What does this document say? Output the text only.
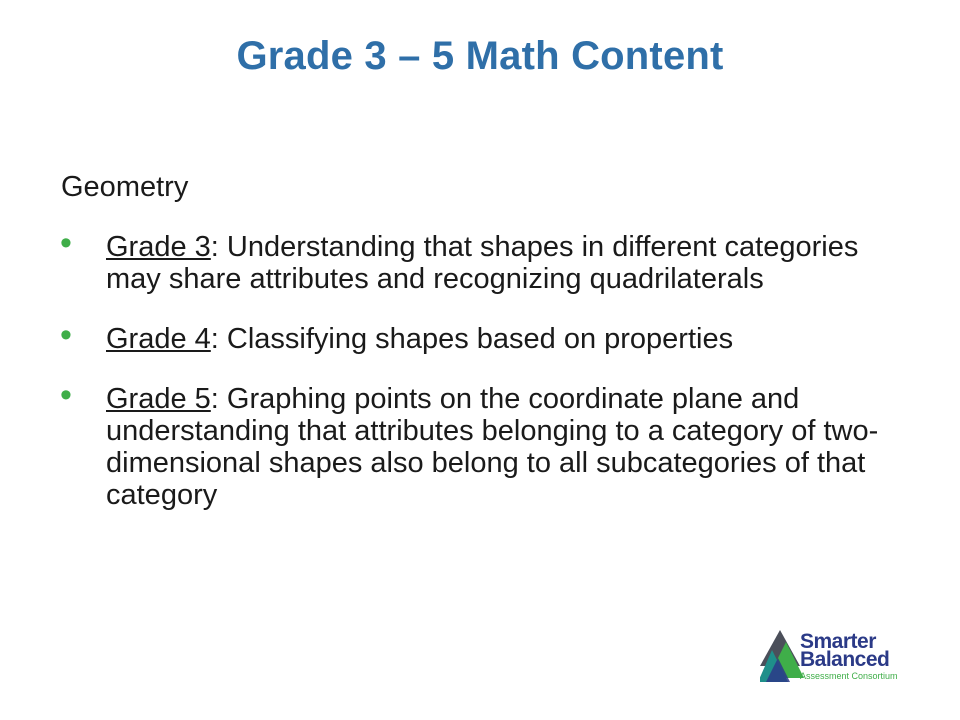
Grade 3 – 5 Math Content
Geometry
• Grade 3: Understanding that shapes in different categories may share attributes and recognizing quadrilaterals
• Grade 4: Classifying shapes based on properties
• Grade 5: Graphing points on the coordinate plane and understanding that attributes belonging to a category of two-dimensional shapes also belong to all subcategories of that category
Smarter
Balanced
Assessment Consortium
